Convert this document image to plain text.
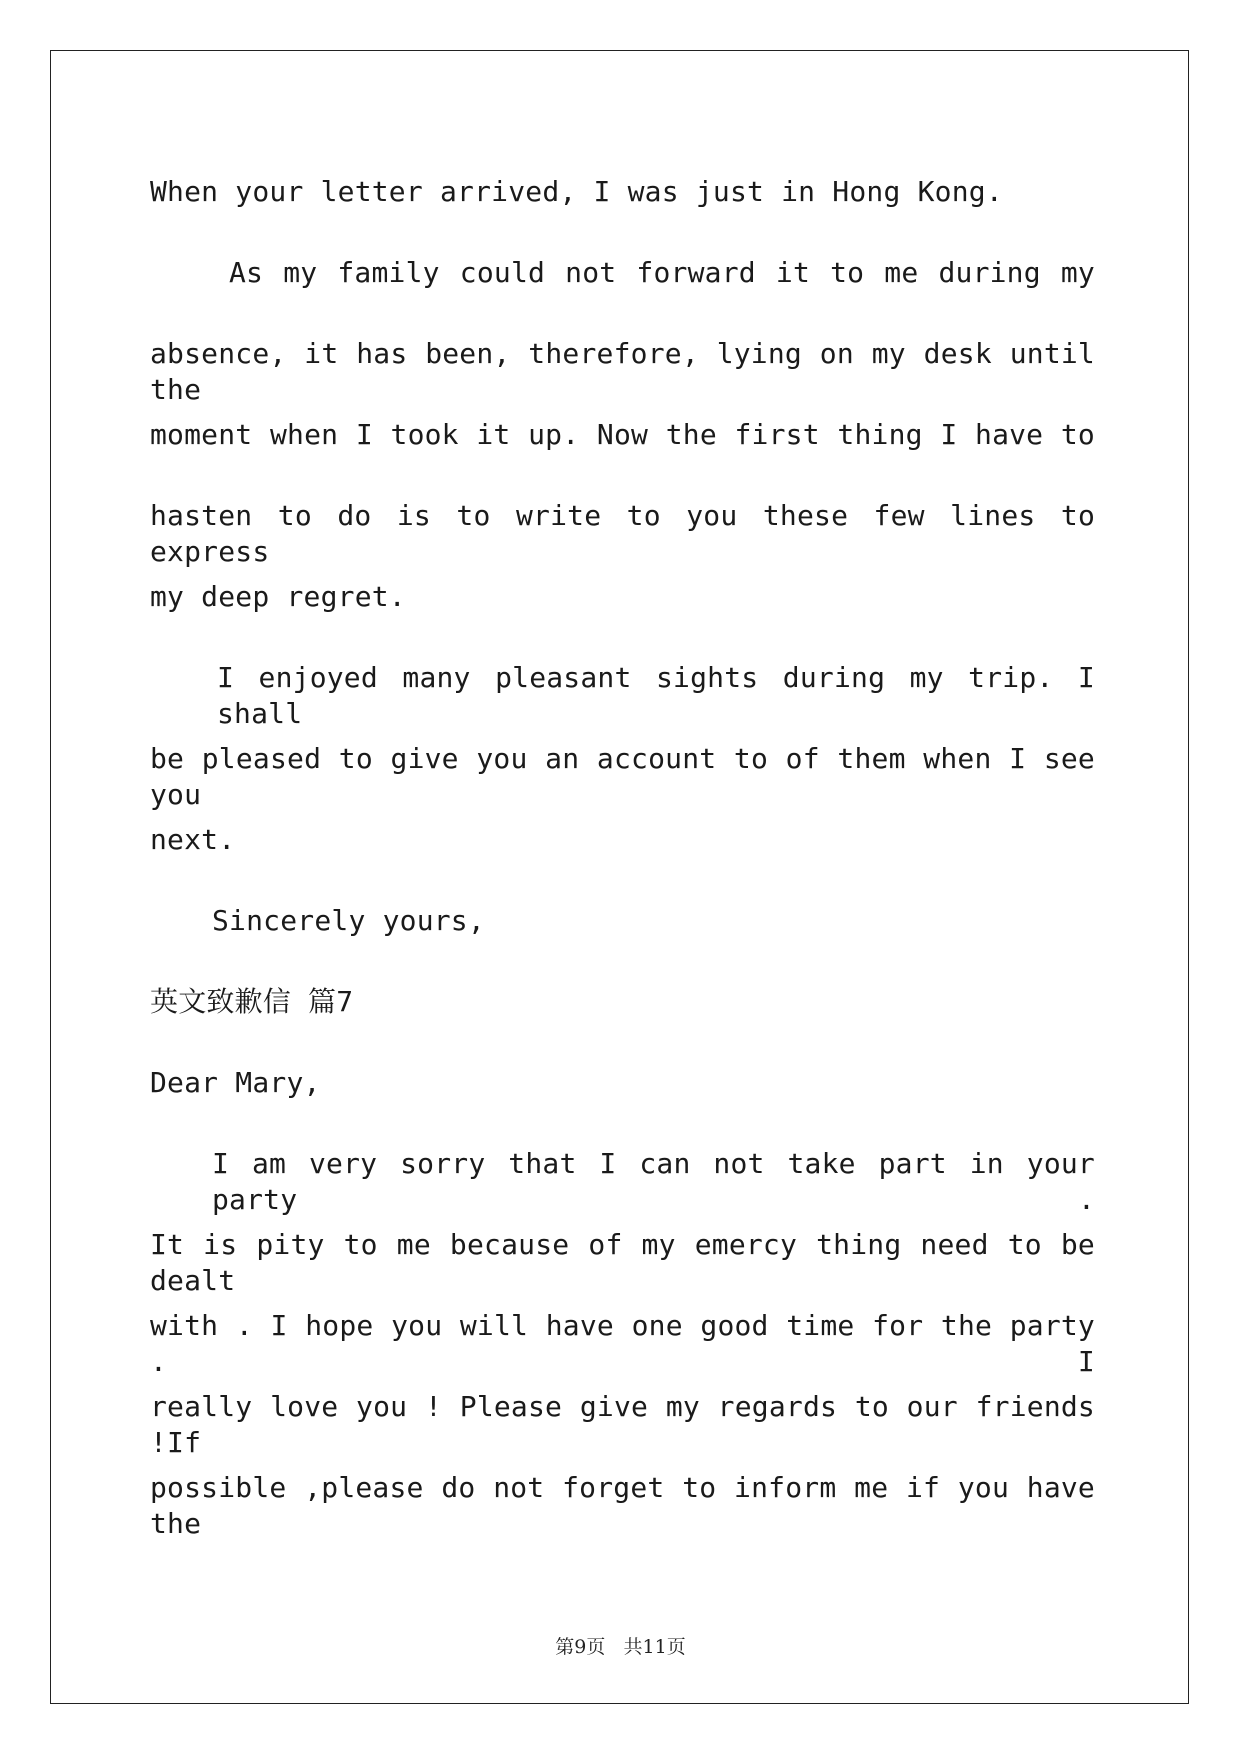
When your letter arrived, I was just in Hong Kong.
As my family could not forward it to me during my
absence, it has been, therefore, lying on my desk until the
moment when I took it up. Now the first thing I have to
hasten to do is to write to you these few lines to express
my deep regret.
I enjoyed many pleasant sights during my trip. I shall
be pleased to give you an account to of them when I see you
next.
Sincerely yours,
英文致歉信 篇7
Dear Mary,
I am very sorry that I can not take part in your party .
It is pity to me because of my emercy thing need to be dealt
with . I hope you will have one good time for the party . I
really love you ! Please give my regards to our friends !If
possible ,please do not forget to inform me if you have the
第9页 共11页
